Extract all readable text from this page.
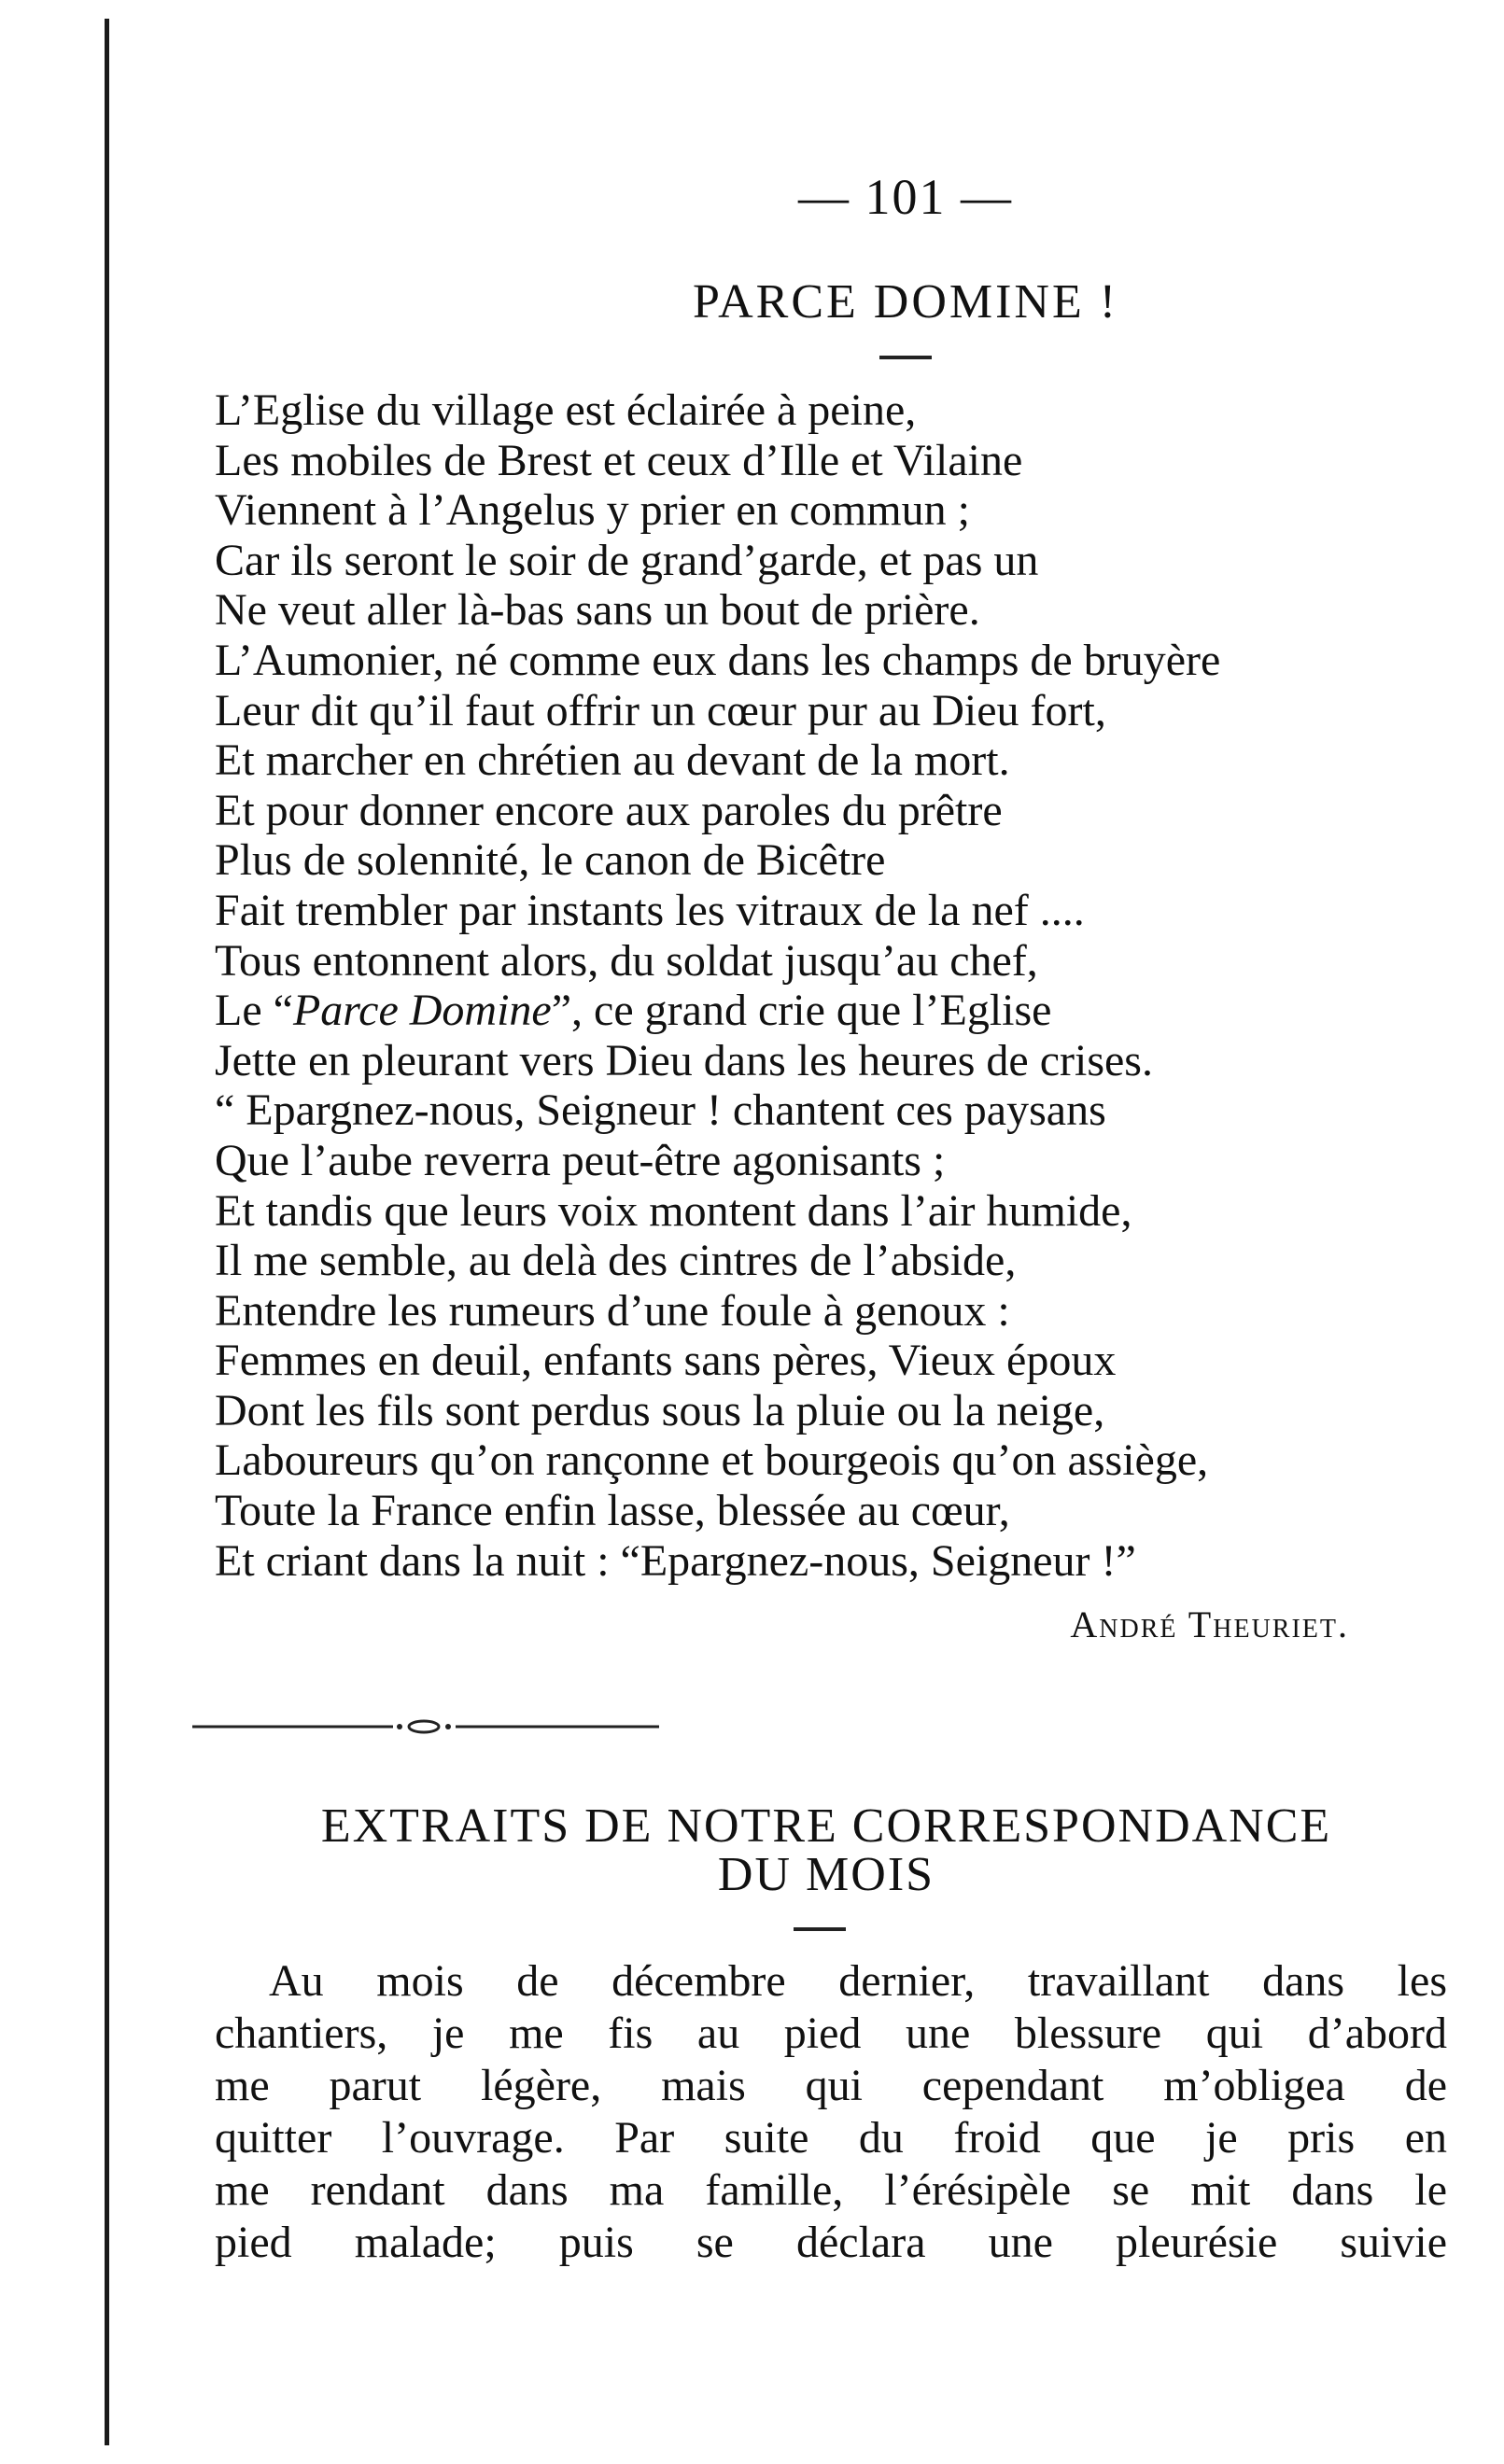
— 101 —
PARCE DOMINE !
L’Eglise du village est éclairée à peine,
Les mobiles de Brest et ceux d’Ille et Vilaine
Viennent à l’Angelus y prier en commun ;
Car ils seront le soir de grand’garde, et pas un
Ne veut aller là-bas sans un bout de prière.
L’Aumonier, né comme eux dans les champs de bruyère
Leur dit qu’il faut offrir un cœur pur au Dieu fort,
Et marcher en chrétien au devant de la mort.
Et pour donner encore aux paroles du prêtre
Plus de solennité, le canon de Bicêtre
Fait trembler par instants les vitraux de la nef ....
Tous entonnent alors, du soldat jusqu’au chef,
Le “Parce Domine”, ce grand crie que l’Eglise
Jette en pleurant vers Dieu dans les heures de crises.
“ Epargnez-nous, Seigneur ! chantent ces paysans
Que l’aube reverra peut-être agonisants ;
Et tandis que leurs voix montent dans l’air humide,
Il me semble, au delà des cintres de l’abside,
Entendre les rumeurs d’une foule à genoux :
Femmes en deuil, enfants sans pères, Vieux époux
Dont les fils sont perdus sous la pluie ou la neige,
Laboureurs qu’on rançonne et bourgeois qu’on assiège,
Toute la France enfin lasse, blessée au cœur,
Et criant dans la nuit : “Epargnez-nous, Seigneur !”
André Theuriet.
EXTRAITS DE NOTRE CORRESPONDANCE
DU MOIS
Au mois de décembre dernier, travaillant dans les
chantiers, je me fis au pied une blessure qui d’abord
me parut légère, mais qui cependant m’obligea de
quitter l’ouvrage. Par suite du froid que je pris en
me rendant dans ma famille, l’érésipèle se mit dans le
pied malade; puis se déclara une pleurésie suivie
